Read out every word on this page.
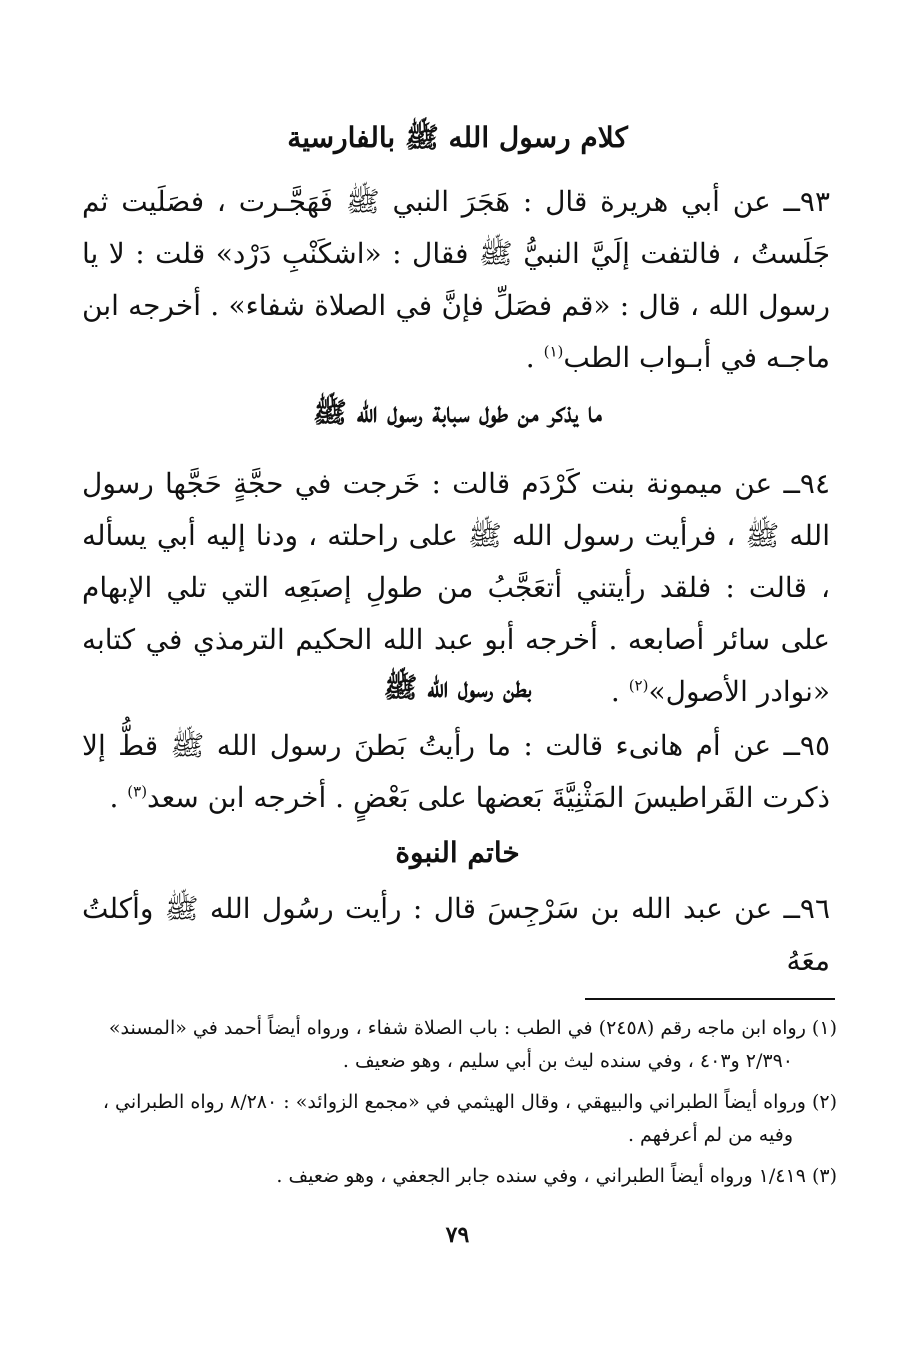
كلام رسول الله ﷺ بالفارسية
٩٣ــ عن أبي هريرة قال : هَجَرَ النبي ﷺ فَهَجَّـرت ، فصَلَيت ثم جَلَستُ ، فالتفت إلَيَّ النبيُّ ﷺ فقال : «اشكَنْبِ دَرْد» قلت : لا يا رسول الله ، قال : «قم فصَلِّ فإنَّ في الصلاة شفاء» . أخرجه ابن ماجـه في أبـواب الطب$^{(١)}$ .
ما يذكر من طول سبابة رسول الله ﷺ
٩٤ــ عن ميمونة بنت كَرْدَم قالت : خَرجت في حجَّةٍ حَجَّها رسول الله ﷺ ، فرأيت رسول الله ﷺ على راحلته ، ودنا إليه أبي يسأله ، قالت : فلقد رأيتني أتعَجَّبُ من طولِ إصبَعِه التي تلي الإبهام على سائر أصابعه . أخرجه أبو عبد الله الحكيم الترمذي في كتابه «نوادر الأصول»$^{(٢)}$ .
بطن رسول الله ﷺ
٩٥ــ عن أم هانىء قالت : ما رأيتُ بَطنَ رسول الله ﷺ قطُّ إلا ذكرت القَراطيسَ المَثْنِيَّةَ بَعضها على بَعْضٍ . أخرجه ابن سعد$^{(٣)}$ .
خاتم النبوة
٩٦ــ عن عبد الله بن سَرْجِسَ قال : رأيت رسُول الله ﷺ وأكلتُ معَهُ
(١) رواه ابن ماجه رقم (٢٤٥٨) في الطب : باب الصلاة شفاء ، ورواه أيضاً أحمد في «المسند»
٢/٣٩٠ و٤٠٣ ، وفي سنده ليث بن أبي سليم ، وهو ضعيف .
(٢) ورواه أيضاً الطبراني والبيهقي ، وقال الهيثمي في «مجمع الزوائد» : ٨/٢٨٠ رواه الطبراني ،
وفيه من لم أعرفهم .
(٣) ١/٤١٩ ورواه أيضاً الطبراني ، وفي سنده جابر الجعفي ، وهو ضعيف .
٧٩
